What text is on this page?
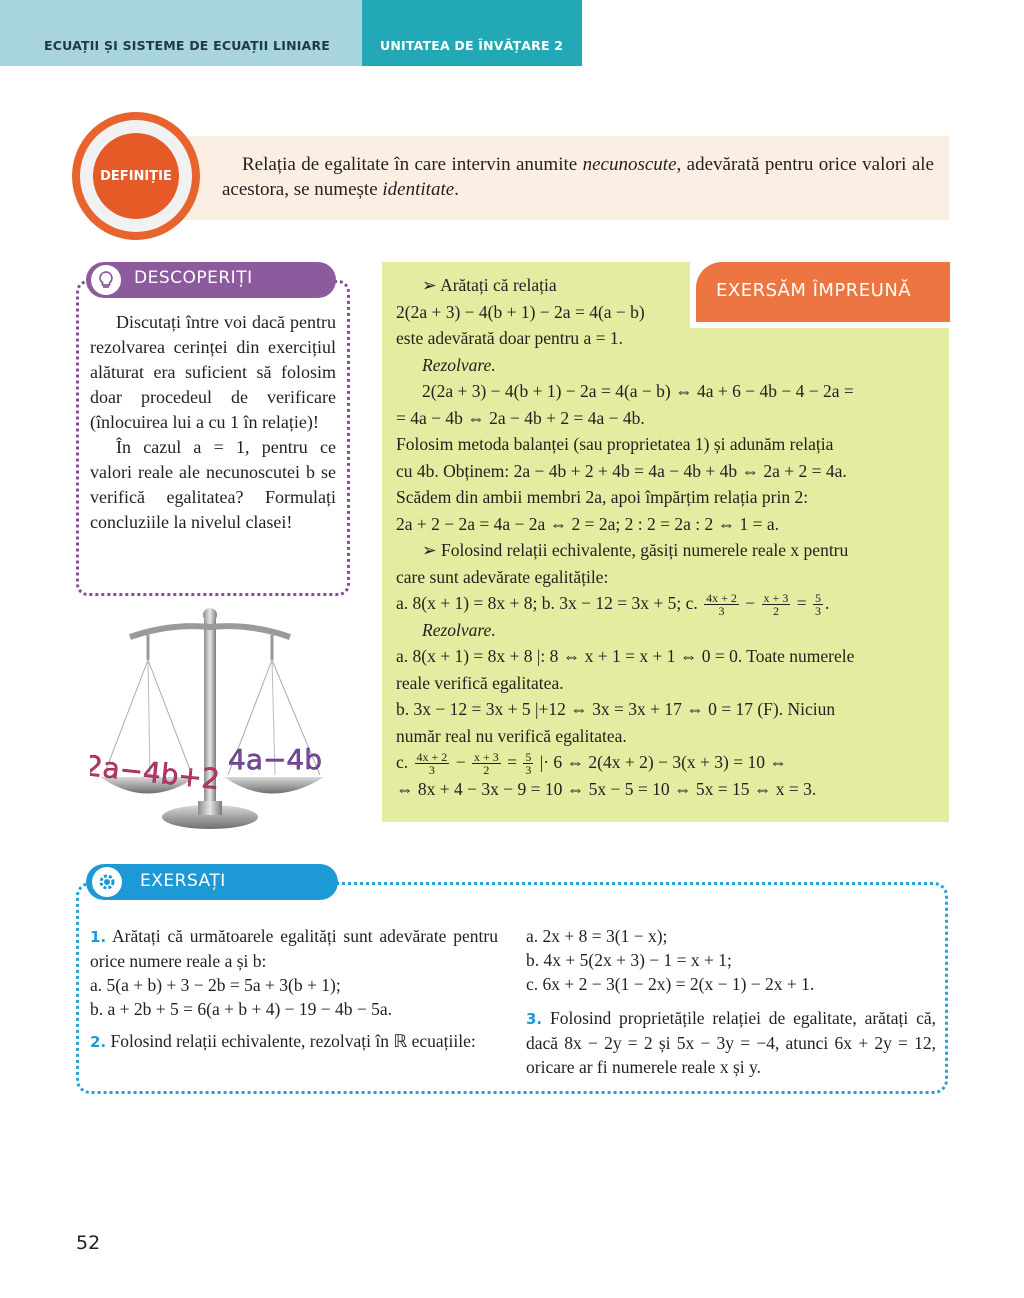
ECUAȚII ȘI SISTEME DE ECUAȚII LINIARE	UNITATEA DE ÎNVĂȚARE 2
DEFINIȚIE
Relația de egalitate în care intervin anumite necunoscute, adevărată pentru orice valori ale acestora, se numește identitate.
DESCOPERIȚI

Discutați între voi dacă pentru rezolvarea cerinței din exercițiul alăturat era suficient să folosim doar procedeul de verificare (înlocuirea lui a cu 1 în relație)!

În cazul a = 1, pentru ce valori reale ale necunoscutei b se verifică egalitatea? Formulați concluziile la nivelul clasei!

2a−4b+2 4a−4b
EXERSĂM ÎMPREUNĂ
➢ Arătați că relația
2(2a + 3) − 4(b + 1) − 2a = 4(a − b)
este adevărată doar pentru a = 1.
Rezolvare.
2(2a + 3) − 4(b + 1) − 2a = 4(a − b) ⇔ 4a + 6 − 4b − 4 − 2a =
= 4a − 4b ⇔ 2a − 4b + 2 = 4a − 4b.
Folosim metoda balanței (sau proprietatea 1) și adunăm relația
cu 4b. Obținem: 2a − 4b + 2 + 4b = 4a − 4b + 4b ⇔ 2a + 2 = 4a.
Scădem din ambii membri 2a, apoi împărțim relația prin 2:
2a + 2 − 2a = 4a − 2a ⇔ 2 = 2a; 2 : 2 = 2a : 2 ⇔ 1 = a.
➢ Folosind relații echivalente, găsiți numerele reale x pentru
care sunt adevărate egalitățile:
a. 8(x + 1) = 8x + 8; b. 3x − 12 = 3x + 5; c. $\frac{4x + 2}{3} - \frac{x + 3}{2} = \frac{5}{3}$ .
Rezolvare.
a. 8(x + 1) = 8x + 8 |: 8 ⇔ x + 1 = x + 1 ⇔ 0 = 0. Toate numerele
reale verifică egalitatea.
b. 3x − 12 = 3x + 5 |+12 ⇔ 3x = 3x + 17 ⇔ 0 = 17 (F). Niciun
număr real nu verifică egalitatea.
c. $\frac{4x + 2}{3} - \frac{x + 3}{2} = \frac{5}{3}$ |· 6 ⇔ 2(4x + 2) − 3(x + 3) = 10 ⇔
⇔ 8x + 4 − 3x − 9 = 10 ⇔ 5x − 5 = 10 ⇔ 5x = 15 ⇔ x = 3.
EXERSAȚI
1. Arătați că următoarele egalități sunt adevărate pentru orice numere reale a și b:
a. 5(a + b) + 3 − 2b = 5a + 3(b + 1);
b. a + 2b + 5 = 6(a + b + 4) − 19 − 4b − 5a.
2. Folosind relații echivalente, rezolvați în ℝ ecuațiile:
a. 2x + 8 = 3(1 − x);
b. 4x + 5(2x + 3) − 1 = x + 1;
c. 6x + 2 − 3(1 − 2x) = 2(x − 1) − 2x + 1.
3. Folosind proprietățile relației de egalitate, arătați că, dacă 8x − 2y = 2 și 5x − 3y = −4, atunci 6x + 2y = 12, oricare ar fi numerele reale x și y.
52
